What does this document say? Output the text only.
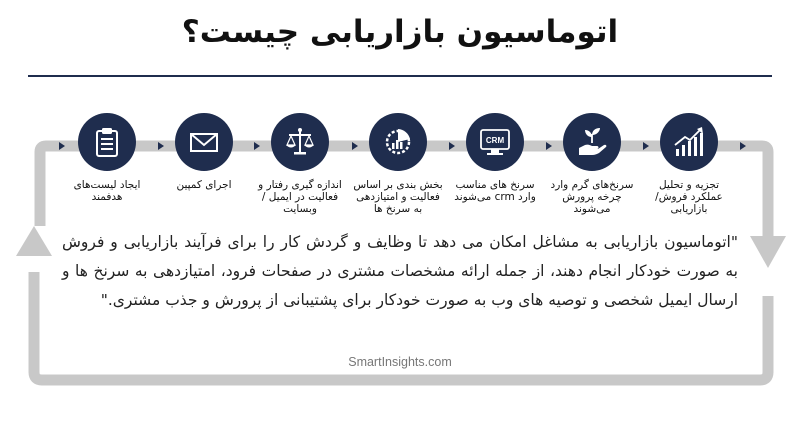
اتوماسیون بازاریابی چیست؟
تجزیه و تحلیل عملکرد فروش/ بازاریابی
سرنخ‌های گرم وارد چرخه پرورش می‌شوند
CRM
سرنخ های مناسب وارد crm می‌شوند
بخش بندی بر اساس فعالیت و امتیازدهی به سرنخ ها
اندازه گیری رفتار و فعالیت در ایمیل / وبسایت
اجرای کمپین
ایجاد لیست‌های هدفمند
"اتوماسیون بازاریابی به مشاغل امکان می دهد تا وظایف و گردش کار را برای فرآیند بازاریابی و فروش به صورت خودکار انجام دهند، از جمله ارائه مشخصات مشتری در صفحات فرود، امتیازدهی به سرنخ ها و ارسال ایمیل شخصی و توصیه های وب به صورت خودکار برای پشتیبانی از پرورش و جذب مشتری."
SmartInsights.com
